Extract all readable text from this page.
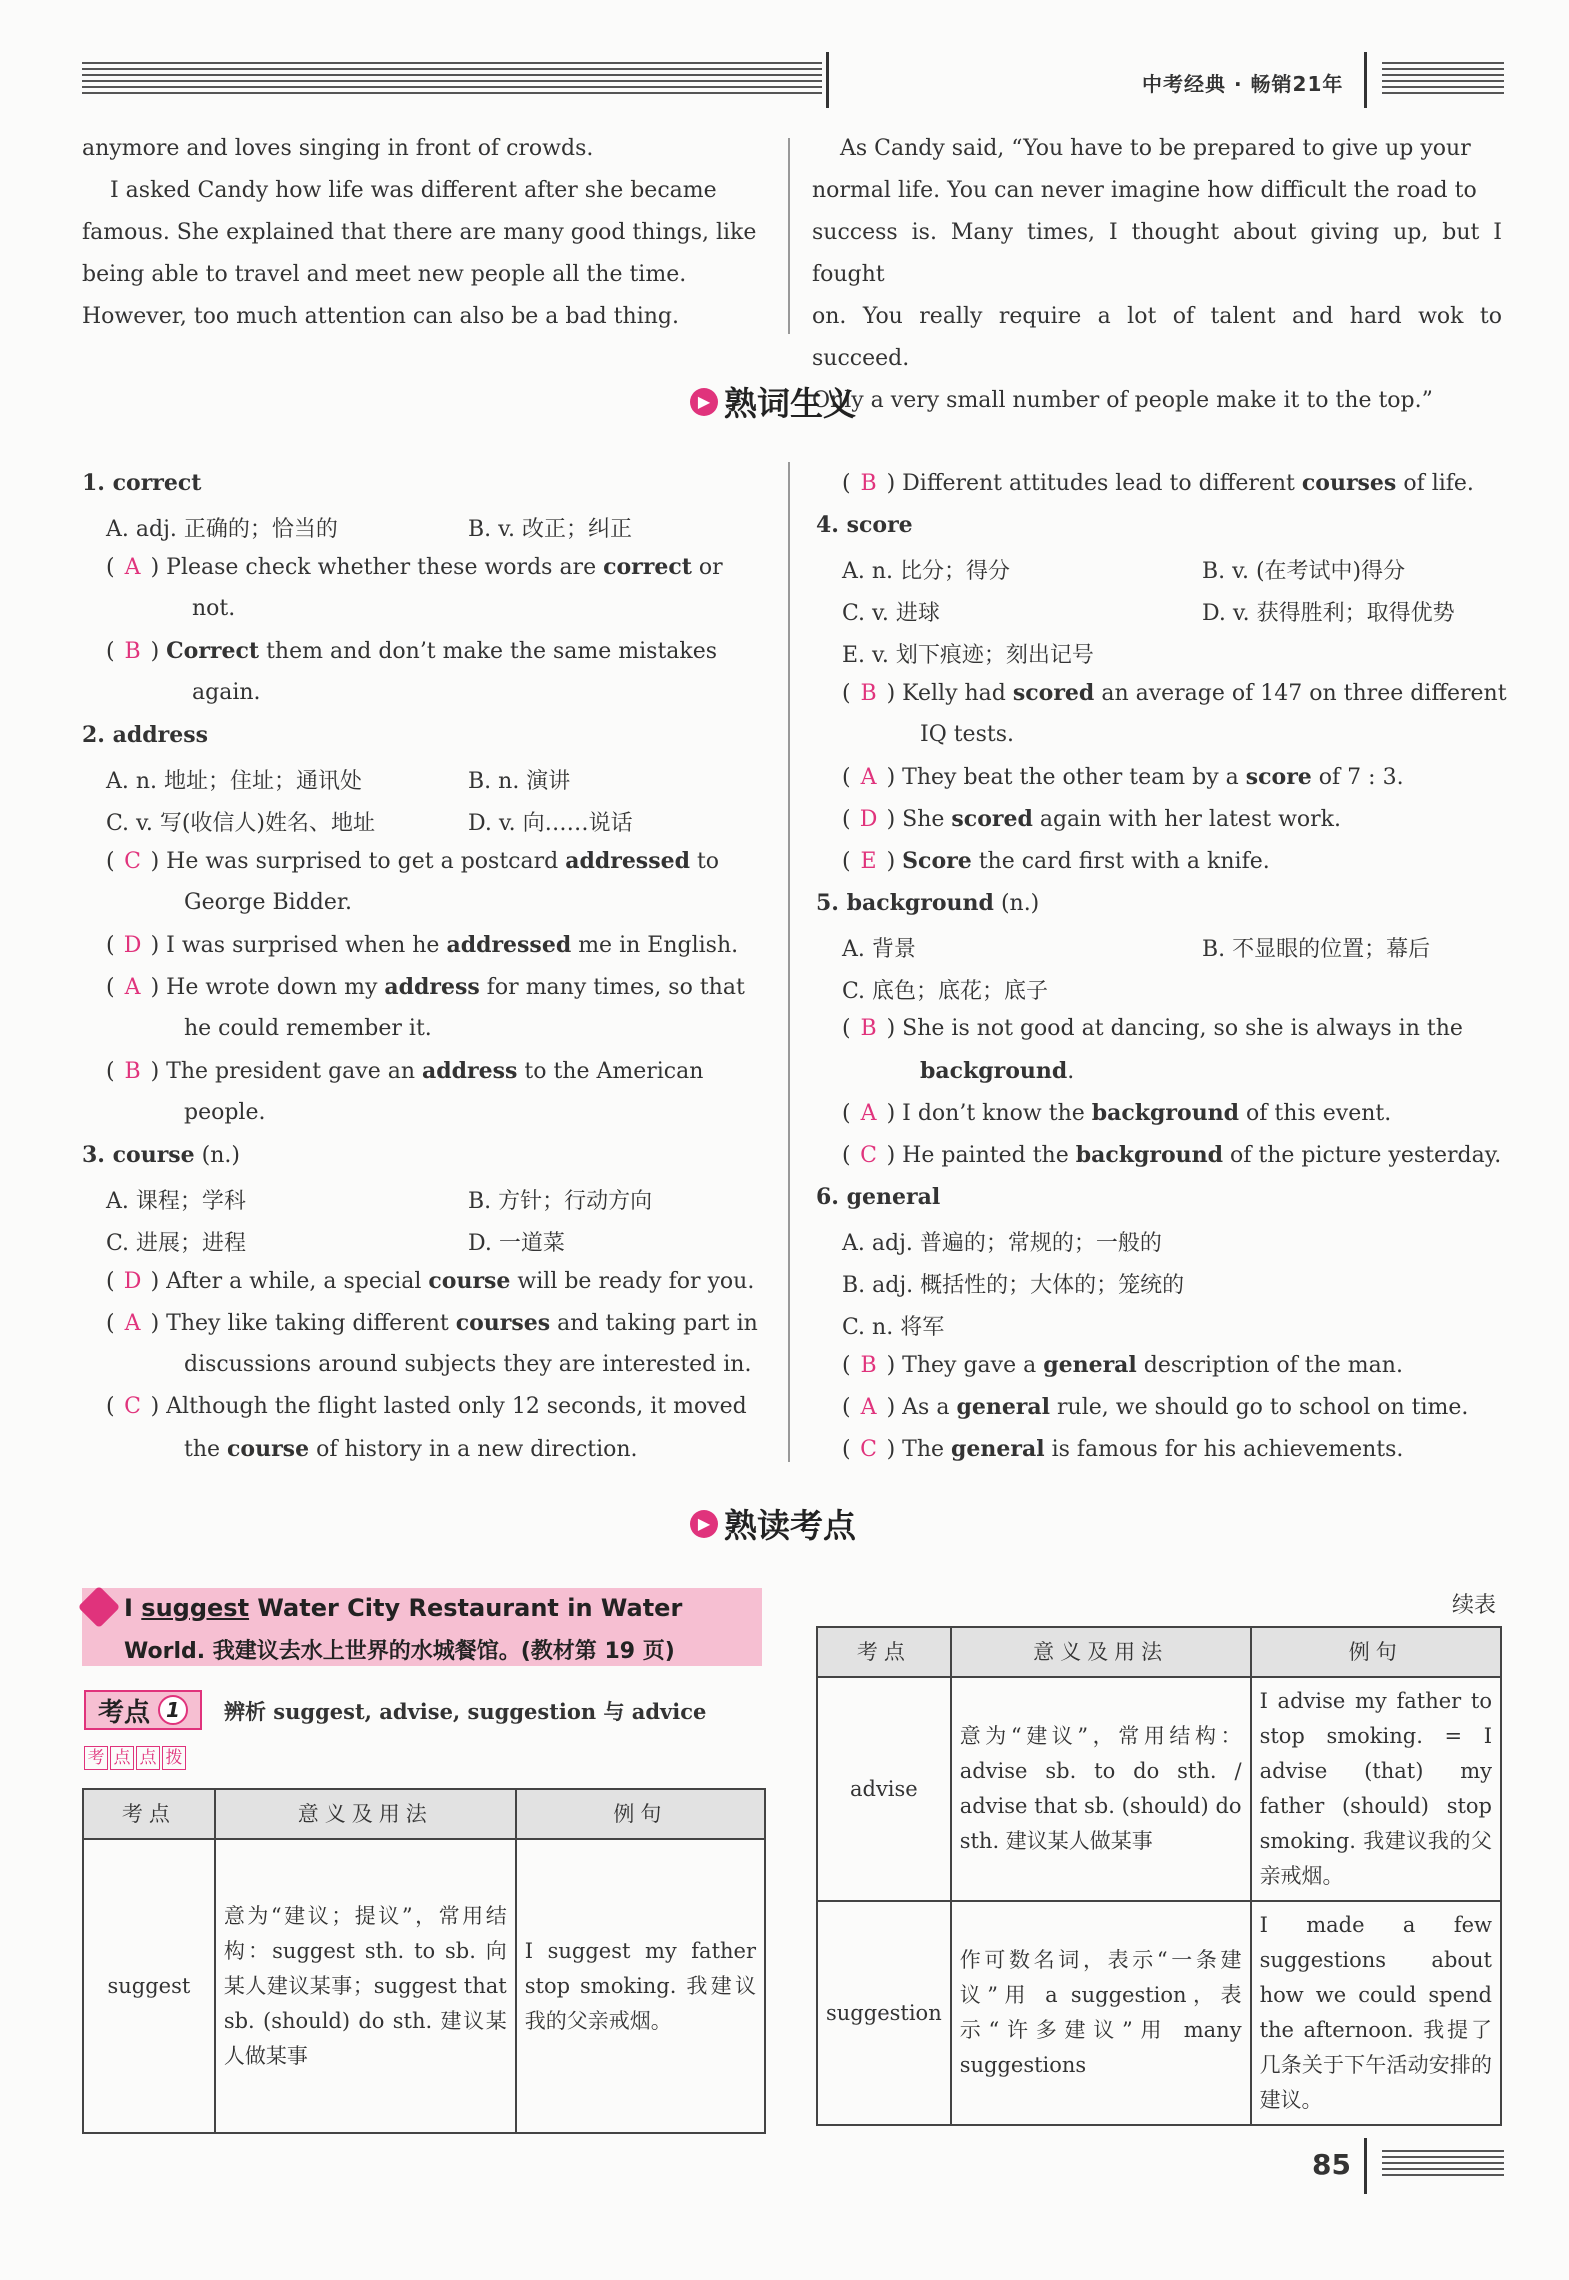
中考经典 · 畅销21年
anymore and loves singing in front of crowds.
I asked Candy how life was different after she became
famous. She explained that there are many good things, like
being able to travel and meet new people all the time.
However, too much attention can also be a bad thing.
As Candy said, “You have to be prepared to give up your
normal life. You can never imagine how difficult the road to
success is. Many times, I thought about giving up, but I fought
on. You really require a lot of talent and hard wok to succeed.
Only a very small number of people make it to the top.”
▶ 熟词生义
1. correct
A. adj. 正确的；恰当的	B. v. 改正；纠正
( A ) Please check whether these words are correct or
not.
( B ) Correct them and don’t make the same mistakes
again.
2. address
A. n. 地址；住址；通讯处	B. n. 演讲
C. v. 写(收信人)姓名、地址	D. v. 向……说话
( C ) He was surprised to get a postcard addressed to
George Bidder.
( D ) I was surprised when he addressed me in English.
( A ) He wrote down my address for many times, so that
he could remember it.
( B ) The president gave an address to the American
people.
3. course (n.)
A. 课程；学科	B. 方针；行动方向
C. 进展；进程	D. 一道菜
( D ) After a while, a special course will be ready for you.
( A ) They like taking different courses and taking part in
discussions around subjects they are interested in.
( C ) Although the flight lasted only 12 seconds, it moved
the course of history in a new direction.
( B ) Different attitudes lead to different courses of life.
4. score
A. n. 比分；得分	B. v. (在考试中)得分
C. v. 进球	D. v. 获得胜利；取得优势
E. v. 划下痕迹；刻出记号
( B ) Kelly had scored an average of 147 on three different
IQ tests.
( A ) They beat the other team by a score of 7 : 3.
( D ) She scored again with her latest work.
( E ) Score the card first with a knife.
5. background (n.)
A. 背景	B. 不显眼的位置；幕后
C. 底色；底花；底子
( B ) She is not good at dancing, so she is always in the
background.
( A ) I don’t know the background of this event.
( C ) He painted the background of the picture yesterday.
6. general
A. adj. 普遍的；常规的；一般的
B. adj. 概括性的；大体的；笼统的
C. n. 将军
( B ) They gave a general description of the man.
( A ) As a general rule, we should go to school on time.
( C ) The general is famous for his achievements.
▶ 熟读考点
I suggest Water City Restaurant in Water
World. 我建议去水上世界的水城餐馆。(教材第 19 页)
考点 1	辨析 suggest, advise, suggestion 与 advice
考 点 点 拨
考点	意义及用法	例句
suggest	意为“建议；提议”，常用结构：suggest sth. to sb. 向某人建议某事；suggest that sb. (should) do sth. 建议某人做某事	I suggest my father stop smoking. 我建议我的父亲戒烟。
续表
考点	意义及用法	例句
advise	意为“建议”，常用结构：advise sb. to do sth. / advise that sb. (should) do sth. 建议某人做某事	I advise my father to stop smoking. = I advise (that) my father (should) stop smoking. 我建议我的父亲戒烟。
suggestion	作可数名词，表示“一条建议”用 a suggestion，表示“许多建议”用 many suggestions	I made a few suggestions about how we could spend the afternoon. 我提了几条关于下午活动安排的建议。
85
